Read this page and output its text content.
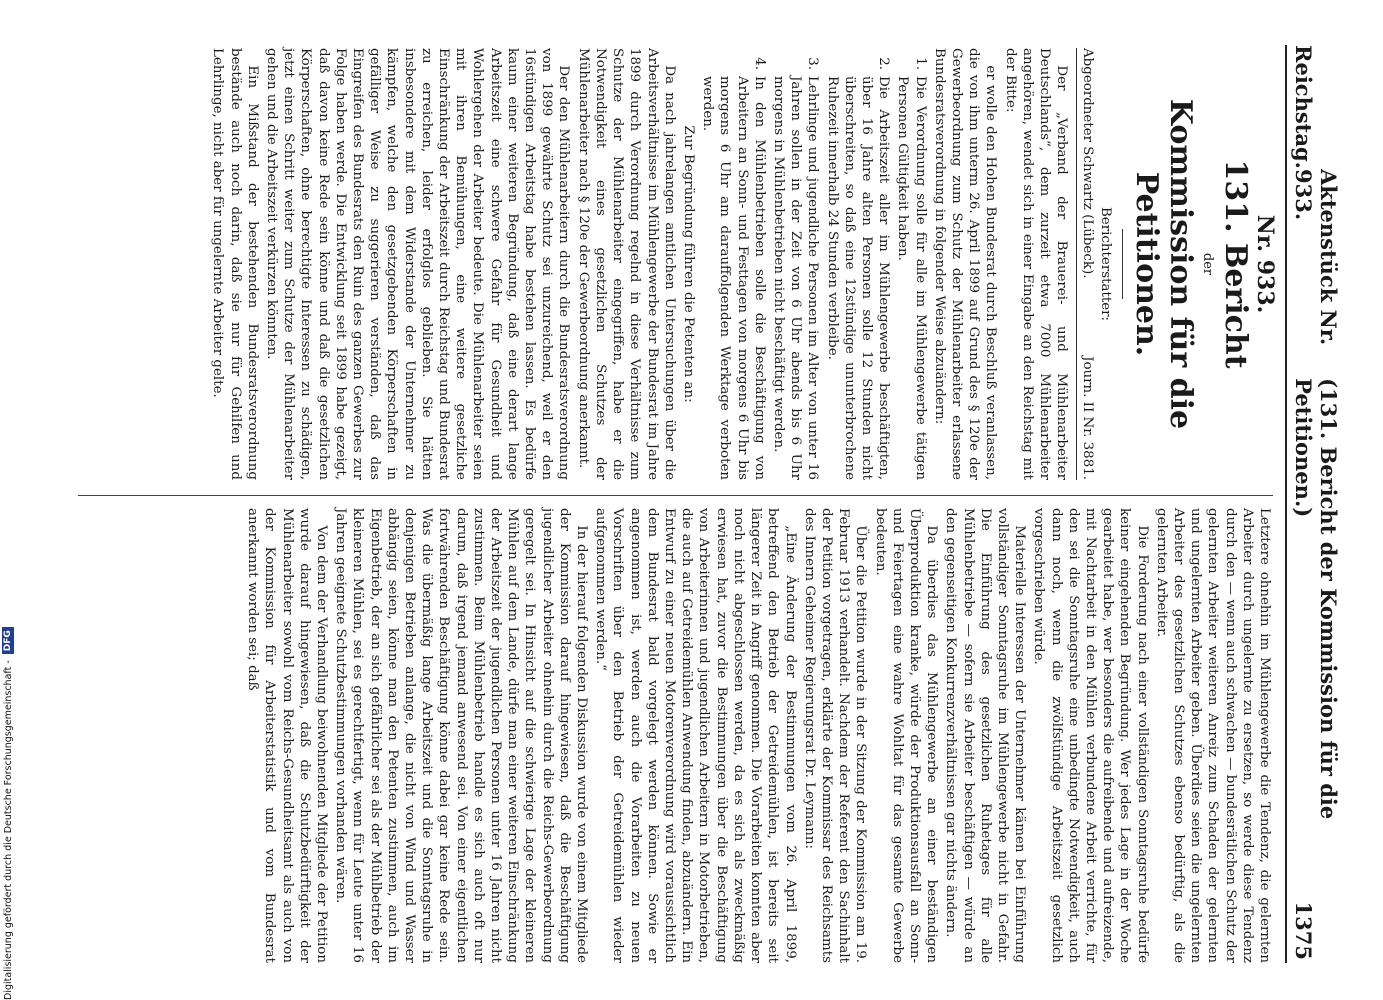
Reichstag.
Aktenstück Nr. 933.
(131. Bericht der Kommission für die Petitionen.)
1375
Nr. 933.
131. Bericht
der
Kommission für die Petitionen.
Berichterstatter:
Abgeordneter Schwartz (Lübeck).
Journ. II Nr. 3881.

Der „Verband der Brauerei- und Mühlenarbeiter Deutschlands“, dem zurzeit etwa 7000 Mühlenarbeiter angehören, wendet sich in einer Eingabe an den Reichstag mit der Bitte:

er wolle den Hohen Bundesrat durch Beschluß veranlassen, die von ihm unterm 26. April 1899 auf Grund des § 120e der Gewerbeordnung zum Schutz der Mühlenarbeiter erlassene Bundesratsverordnung in folgender Weise abzuändern:

1.
Die Verordnung solle für alle im Mühlengewerbe tätigen Personen Gültigkeit haben.
2.
Die Arbeitszeit aller im Mühlengewerbe beschäftigten, über 16 Jahre alten Personen solle 12 Stunden nicht überschreiten, so daß eine 12stündige ununterbrochene Ruhezeit innerhalb 24 Stunden verbleibe.
3.
Lehrlinge und jugendliche Personen im Alter von unter 16 Jahren sollen in der Zeit von 6 Uhr abends bis 6 Uhr morgens in Mühlenbetrieben nicht beschäftigt werden.
4.
In den Mühlenbetrieben solle die Beschäftigung von Arbeitern an Sonn- und Festtagen von morgens 6 Uhr bis morgens 6 Uhr am darauffolgenden Werktage verboten werden.

Zur Begründung führen die Petenten an:

Da nach jahrelangen amtlichen Untersuchungen über die Arbeitsverhältnisse im Mühlengewerbe der Bundesrat im Jahre 1899 durch Verordnung regelnd in diese Verhältnisse zum Schutze der Mühlenarbeiter eingegriffen, habe er die Notwendigkeit eines gesetzlichen Schutzes der Mühlenarbeiter nach § 120e der Gewerbeordnung anerkannt.

Der den Mühlenarbeitern durch die Bundesratsverordnung von 1899 gewährte Schutz sei unzureichend, weil er den 16stündigen Arbeitstag habe bestehen lassen. Es bedürfe kaum einer weiteren Begründung, daß eine derart lange Arbeitszeit eine schwere Gefahr für Gesundheit und Wohlergehen der Arbeiter bedeute. Die Mühlenarbeiter seien mit ihren Bemühungen, eine weitere gesetzliche Einschränkung der Arbeitszeit durch Reichstag und Bundesrat zu erreichen, leider erfolglos geblieben. Sie hätten insbesondere mit dem Widerstande der Unternehmer zu kämpfen, welche den gesetzgebenden Körperschaften in gefälliger Weise zu suggerieren verständen, daß das Eingreifen des Bundesrats den Ruin des ganzen Gewerbes zur Folge haben werde. Die Entwicklung seit 1899 habe gezeigt, daß davon keine Rede sein könne und daß die gesetzlichen Körperschaften, ohne berechtigte Interessen zu schädigen, jetzt einen Schritt weiter zum Schutze der Mühlenarbeiter gehen und die Arbeitszeit verkürzen könnten.

Ein Mißstand der bestehenden Bundesratsverordnung bestände auch noch darin, daß sie nur für Gehilfen und Lehrlinge, nicht aber für ungelernte Arbeiter gelte.

Letztere ohnehin im Mühlengewerbe die Tendenz, die gelernten Arbeiter durch ungelernte zu ersetzen, so werde diese Tendenz durch den — wenn auch schwachen — bundesrätlichen Schutz der gelernten Arbeiter weiteren Anreiz zum Schaden der gelernten und ungelernten Arbeiter geben. Überdies seien die ungelernten Arbeiter des gesetzlichen Schutzes ebenso bedürftig, als die gelernten Arbeiter.

Die Forderung nach einer vollständigen Sonntagsruhe bedürfe keiner eingehenden Begründung. Wer jedes Lage in der Woche gearbeitet habe, wer besonders die aufreibende und aufreizende, mit Nachtarbeit in den Mühlen verbundene Arbeit verrichte, für den sei die Sonntagsruhe eine unbedingte Notwendigkeit, auch dann noch, wenn die zwölfstündige Arbeitszeit gesetzlich vorgeschrieben würde.

Materielle Interessen der Unternehmer kämen bei Einführung vollständiger Sonntagsruhe im Mühlengewerbe nicht in Gefahr. Die Einführung des gesetzlichen Ruhetages für alle Mühlenbetriebe — sofern sie Arbeiter beschäftigen — würde an den gegenseitigen Konkurrenzverhältnissen gar nichts ändern.

Da überdies das Mühlengewerbe an einer beständigen Überproduktion kranke, würde der Produktionsausfall an Sonn- und Feiertagen eine wahre Wohltat für das gesamte Gewerbe bedeuten.

Über die Petition wurde in der Sitzung der Kommission am 19. Februar 1913 verhandelt. Nachdem der Referent den Sachinhalt der Petition vorgetragen, erklärte der Kommissar des Reichsamts des Innern Geheimer Regierungsrat Dr. Leymann:

„Eine Änderung der Bestimmungen vom 26. April 1899, betreffend den Betrieb der Getreidemühlen, ist bereits seit längerer Zeit in Angriff genommen. Die Vorarbeiten konnten aber noch nicht abgeschlossen werden, da es sich als zweckmäßig erwiesen hat, zuvor die Bestimmungen über die Beschäftigung von Arbeiterinnen und jugendlichen Arbeitern in Motorbetrieben, die auch auf Getreidemühlen Anwendung finden, abzuändern. Ein Entwurf zu einer neuen Motorenverordnung wird voraussichtlich dem Bundesrat bald vorgelegt werden können. Sowie er angenommen ist, werden auch die Vorarbeiten zu neuen Vorschriften über den Betrieb der Getreidemühlen wieder aufgenommen werden.“

In der hierauf folgenden Diskussion wurde von einem Mitgliede der Kommission darauf hingewiesen, daß die Beschäftigung jugendlicher Arbeiter ohnehin durch die Reichs-Gewerbeordnung geregelt sei. In Hinsicht auf die schwierige Lage der kleineren Mühlen auf dem Lande, dürfe man einer weiteren Einschränkung der Arbeitszeit der jugendlichen Personen unter 16 Jahren nicht zustimmen. Beim Mühlenbetrieb handle es sich auch oft nur darum, daß irgend jemand anwesend sei. Von einer eigentlichen fortwährenden Beschäftigung könne dabei gar keine Rede sein. Was die übermäßig lange Arbeitszeit und die Sonntagsruhe in denjenigen Betrieben anlange, die nicht von Wind und Wasser abhängig seien, könne man den Petenten zustimmen, auch im Eigenbetrieb, der an sich gefährlicher sei als der Mühlbetrieb der kleineren Mühlen, sei es gerechtfertigt, wenn für Leute unter 16 Jahren geeignete Schutzbestimmungen vorhanden wären.

Von dem der Verhandlung beiwohnenden Mitgliede der Petition wurde darauf hingewiesen, daß die Schutzbedürftigkeit der Mühlenarbeiter sowohl vom Reichs-Gesundheitsamt als auch von der Kommission für Arbeiterstatistik und vom Bundesrat anerkannt worden sei; daß

Digitalisierung gefördert durch die Deutsche Forschungsgemeinschaft -
DFG
